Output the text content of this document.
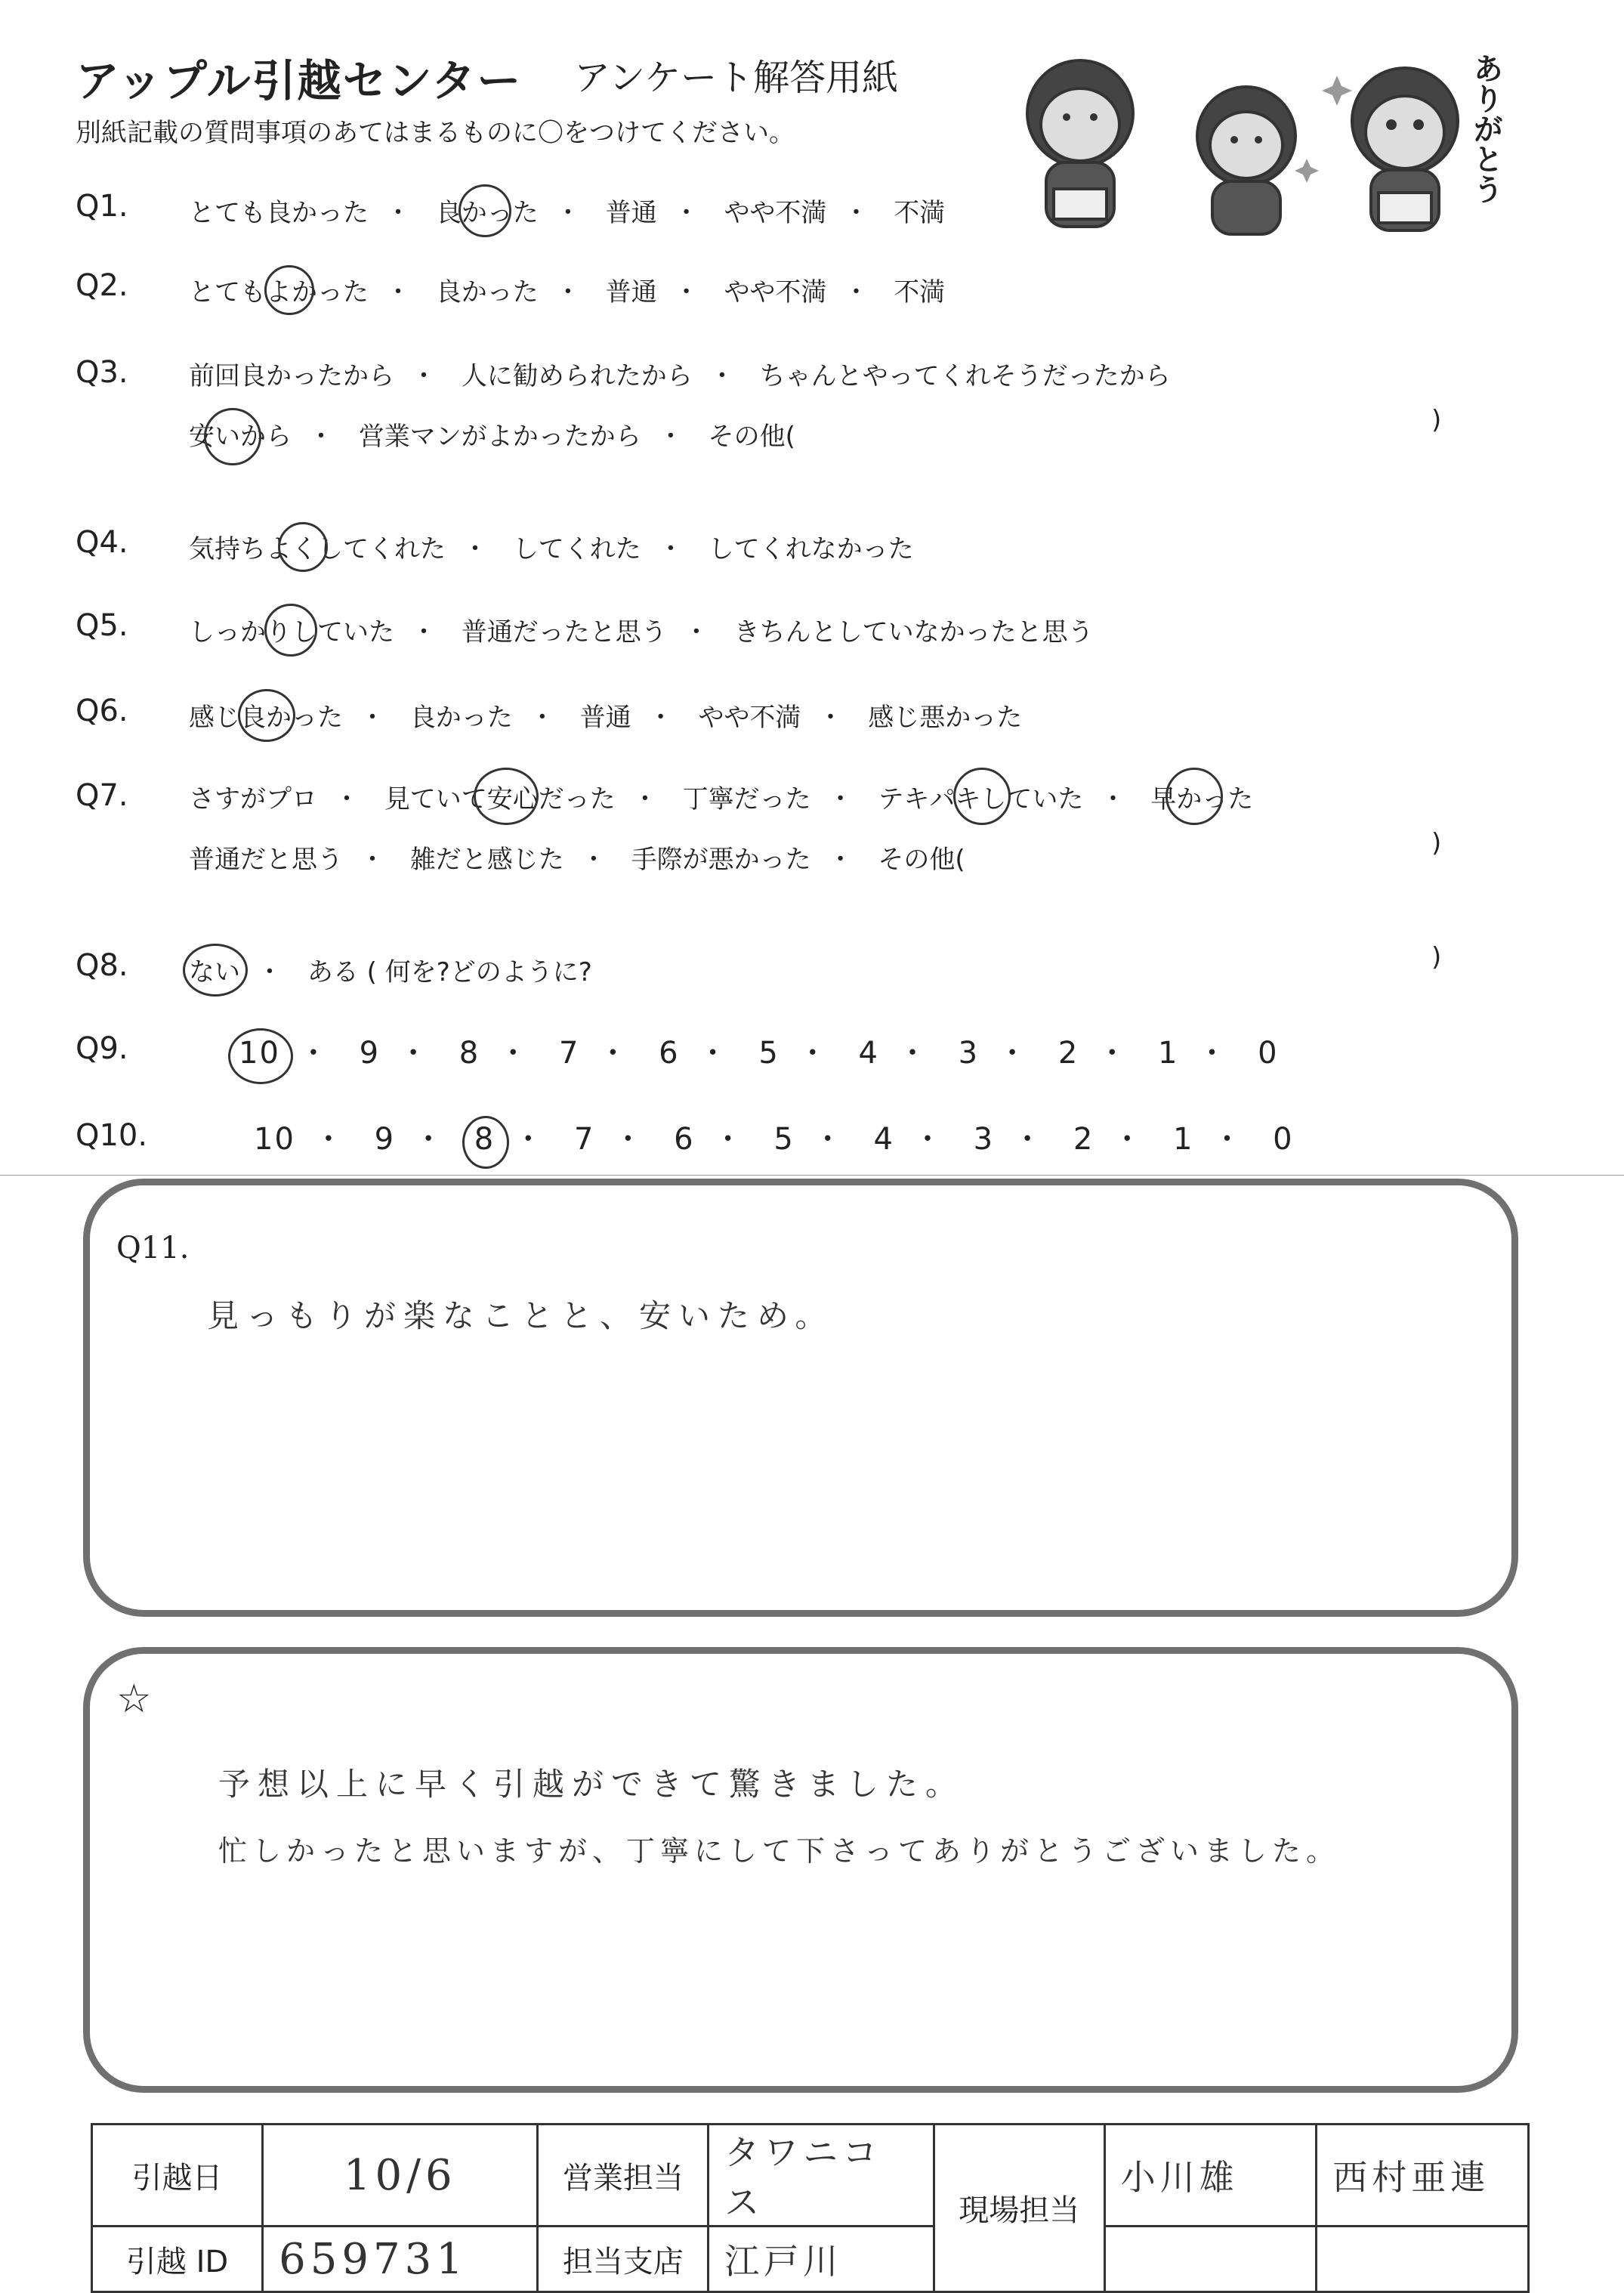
アップル引越センター アンケート解答用紙
別紙記載の質問事項のあてはまるものに〇をつけてください。	ありがとう
Q1.	とても良かった ・ 良かった ・ 普通 ・ やや不満 ・ 不満
Q2.	とてもよかった ・ 良かった ・ 普通 ・ やや不満 ・ 不満
Q3.	前回良かったから ・ 人に勧められたから ・ ちゃんとやってくれそうだったから
安いから ・ 営業マンがよかったから ・ その他(
)
Q4.	気持ちよくしてくれた ・ してくれた ・ してくれなかった
Q5.	しっかりしていた ・ 普通だったと思う ・ きちんとしていなかったと思う
Q6.	感じ良かった ・ 良かった ・ 普通 ・ やや不満 ・ 感じ悪かった
Q7.	さすがプロ ・ 見ていて安心だった ・ 丁寧だった ・ テキパキしていた ・ 早かった
普通だと思う ・ 雑だと感じた ・ 手際が悪かった ・ その他(
)
Q8.	ない ・ ある ( 何を?どのように?	)
Q9.	10 ・ 9 ・ 8 ・ 7 ・ 6 ・ 5 ・ 4 ・ 3 ・ 2 ・ 1 ・ 0
Q10.	10 ・ 9 ・ 8 ・ 7 ・ 6 ・ 5 ・ 4 ・ 3 ・ 2 ・ 1 ・ 0
Q11.
見っもりが楽なことと、安いため。
☆
予想以上に早く引越ができて驚きました。
忙しかったと思いますが、丁寧にして下さってありがとうございました。
引越日	10/6	営業担当	タワニコス	現場担当	小川雄	西村亜連
引越 ID	659731	担当支店	江戸川			
